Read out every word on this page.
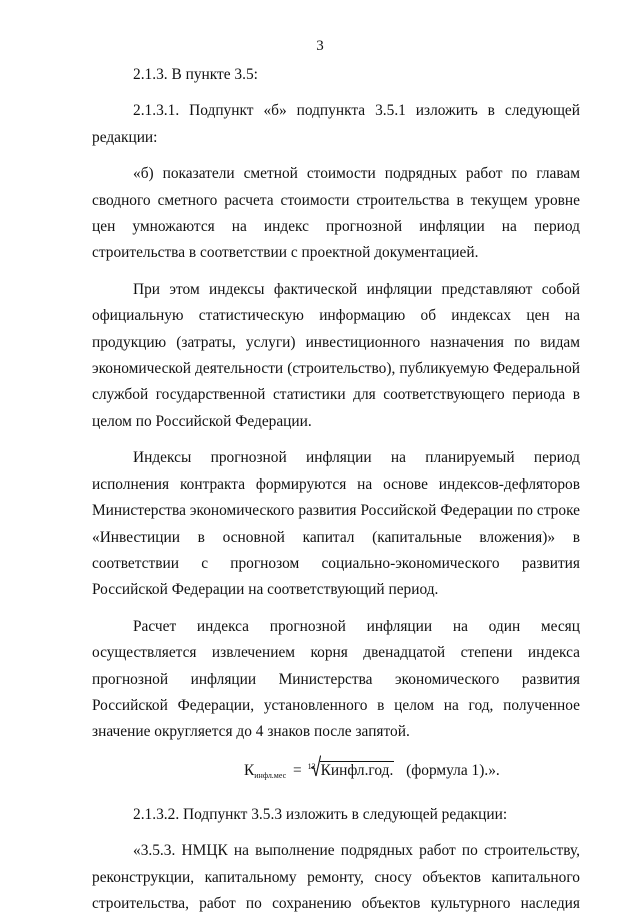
3

2.1.3. В пункте 3.5:

2.1.3.1. Подпункт «б» подпункта 3.5.1 изложить в следующей редакции:

«б) показатели сметной стоимости подрядных работ по главам сводного сметного расчета стоимости строительства в текущем уровне цен умножаются на индекс прогнозной инфляции на период строительства в соответствии с проектной документацией.

При этом индексы фактической инфляции представляют собой официальную статистическую информацию об индексах цен на продукцию (затраты, услуги) инвестиционного назначения по видам экономической деятельности (строительство), публикуемую Федеральной службой государственной статистики для соответствующего периода в целом по Российской Федерации.

Индексы прогнозной инфляции на планируемый период исполнения контракта формируются на основе индексов-дефляторов Министерства экономического развития Российской Федерации по строке «Инвестиции в основной капитал (капитальные вложения)» в соответствии с прогнозом социально-экономического развития Российской Федерации на соответствующий период.

Расчет индекса прогнозной инфляции на один месяц осуществляется извлечением корня двенадцатой степени индекса прогнозной инфляции Министерства экономического развития Российской Федерации, установленного в целом на год, полученное значение округляется до 4 знаков после запятой.

Кинфл.мес = 12 Кинфл.год. (формула 1).».

2.1.3.2. Подпункт 3.5.3 изложить в следующей редакции:

«3.5.3. НМЦК на выполнение подрядных работ по строительству, реконструкции, капитальному ремонту, сносу объектов капитального строительства, работ по сохранению объектов культурного наследия
